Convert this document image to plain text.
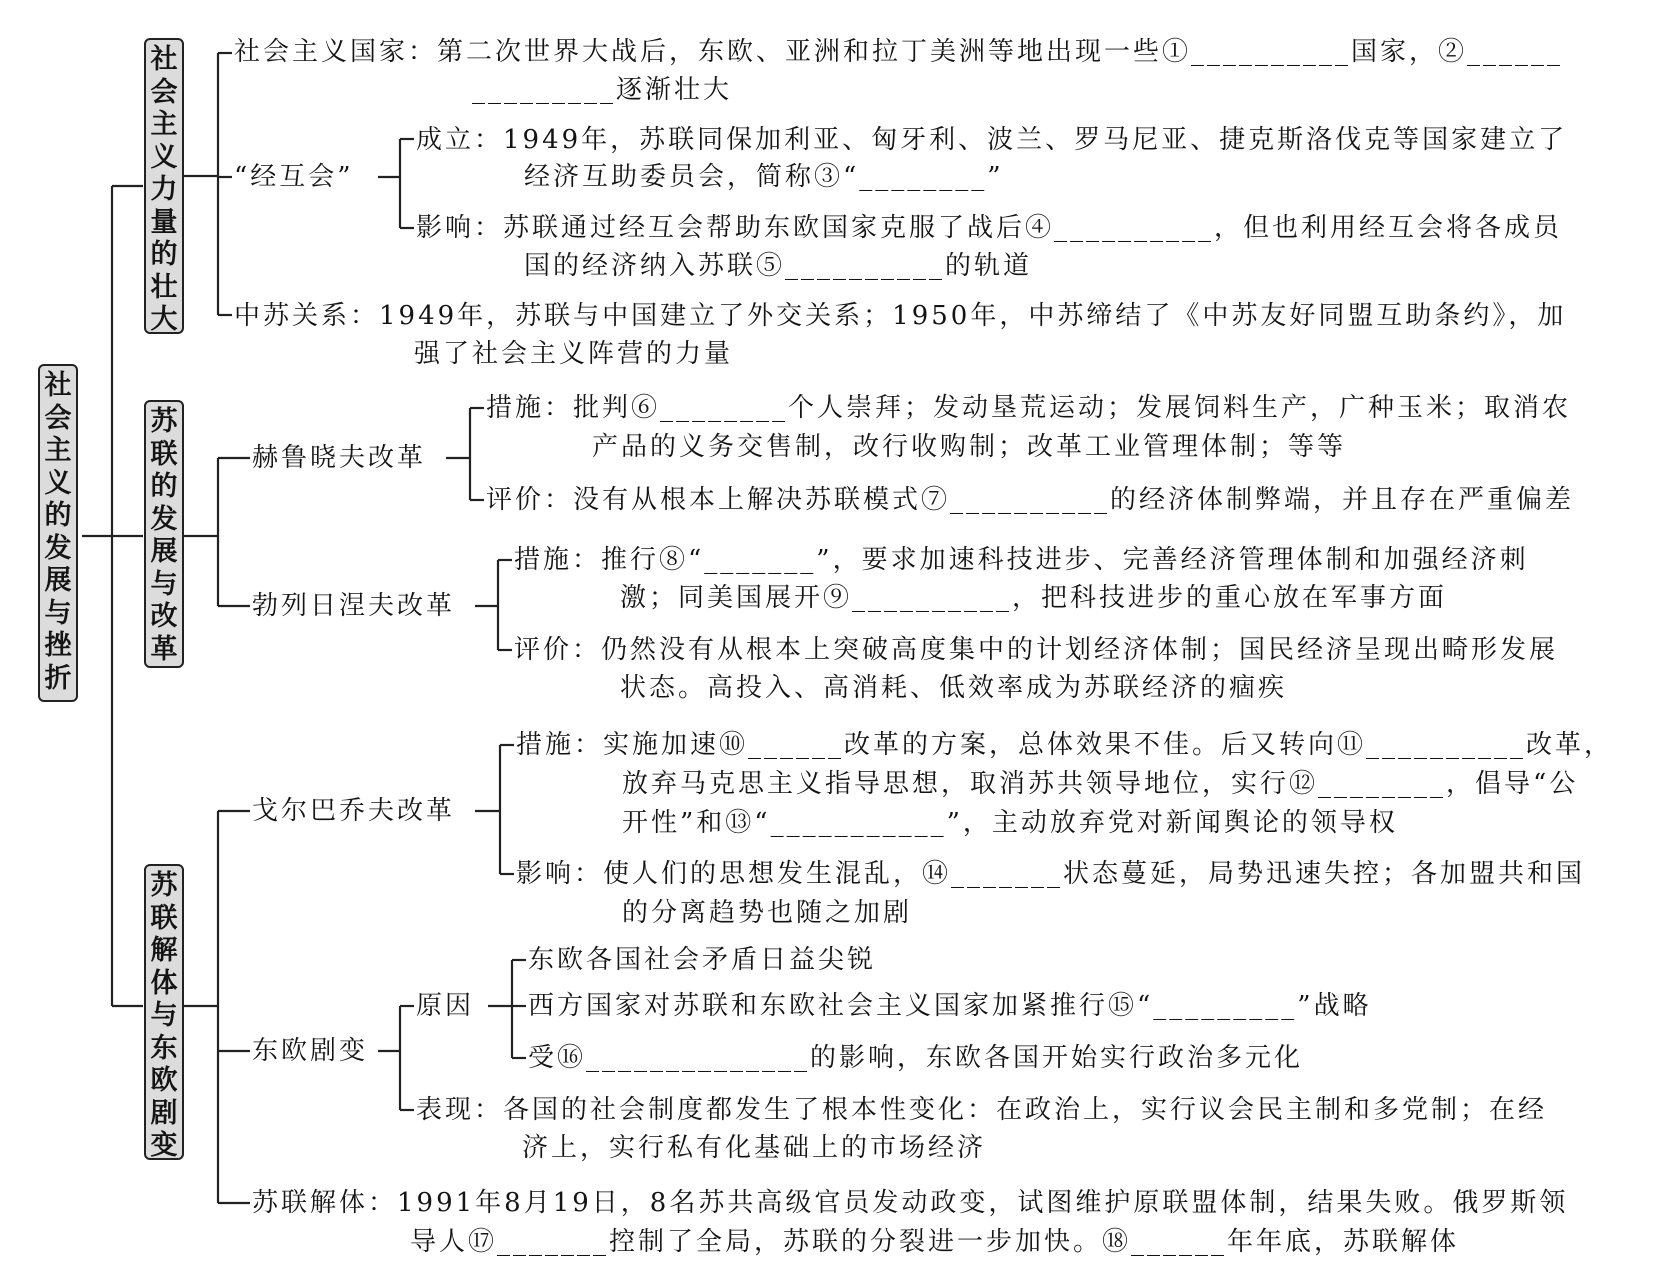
社
会
主
义
的
发
展
与
挫
折
社
会
主
义
力
量
的
壮
大
苏
联
的
发
展
与
改
革
苏
联
解
体
与
东
欧
剧
变
社会主义国家：第二次世界大战后，东欧、亚洲和拉丁美洲等地出现一些①__________国家，②______
_________逐渐壮大
“经互会”
成立：1949年，苏联同保加利亚、匈牙利、波兰、罗马尼亚、捷克斯洛伐克等国家建立了
经济互助委员会，简称③“________”
影响：苏联通过经互会帮助东欧国家克服了战后④__________，但也利用经互会将各成员
国的经济纳入苏联⑤__________的轨道
中苏关系：1949年，苏联与中国建立了外交关系；1950年，中苏缔结了《中苏友好同盟互助条约》，加
强了社会主义阵营的力量
赫鲁晓夫改革
措施：批判⑥________个人崇拜；发动垦荒运动；发展饲料生产，广种玉米；取消农
产品的义务交售制，改行收购制；改革工业管理体制；等等
评价：没有从根本上解决苏联模式⑦__________的经济体制弊端，并且存在严重偏差
勃列日涅夫改革
措施：推行⑧“_______”，要求加速科技进步、完善经济管理体制和加强经济刺
激；同美国展开⑨__________，把科技进步的重心放在军事方面
评价：仍然没有从根本上突破高度集中的计划经济体制；国民经济呈现出畸形发展
状态。高投入、高消耗、低效率成为苏联经济的痼疾
戈尔巴乔夫改革
措施：实施加速⑩______改革的方案，总体效果不佳。后又转向⑪__________改革，
放弃马克思主义指导思想，取消苏共领导地位，实行⑫________，倡导“公
开性”和⑬“___________”，主动放弃党对新闻舆论的领导权
影响：使人们的思想发生混乱，⑭_______状态蔓延，局势迅速失控；各加盟共和国
的分离趋势也随之加剧
东欧剧变
原因
东欧各国社会矛盾日益尖锐
西方国家对苏联和东欧社会主义国家加紧推行⑮“_________”战略
受⑯______________的影响，东欧各国开始实行政治多元化
表现：各国的社会制度都发生了根本性变化：在政治上，实行议会民主制和多党制；在经
济上，实行私有化基础上的市场经济
苏联解体：1991年8月19日，8名苏共高级官员发动政变，试图维护原联盟体制，结果失败。俄罗斯领
导人⑰_______控制了全局，苏联的分裂进一步加快。⑱______年年底，苏联解体
